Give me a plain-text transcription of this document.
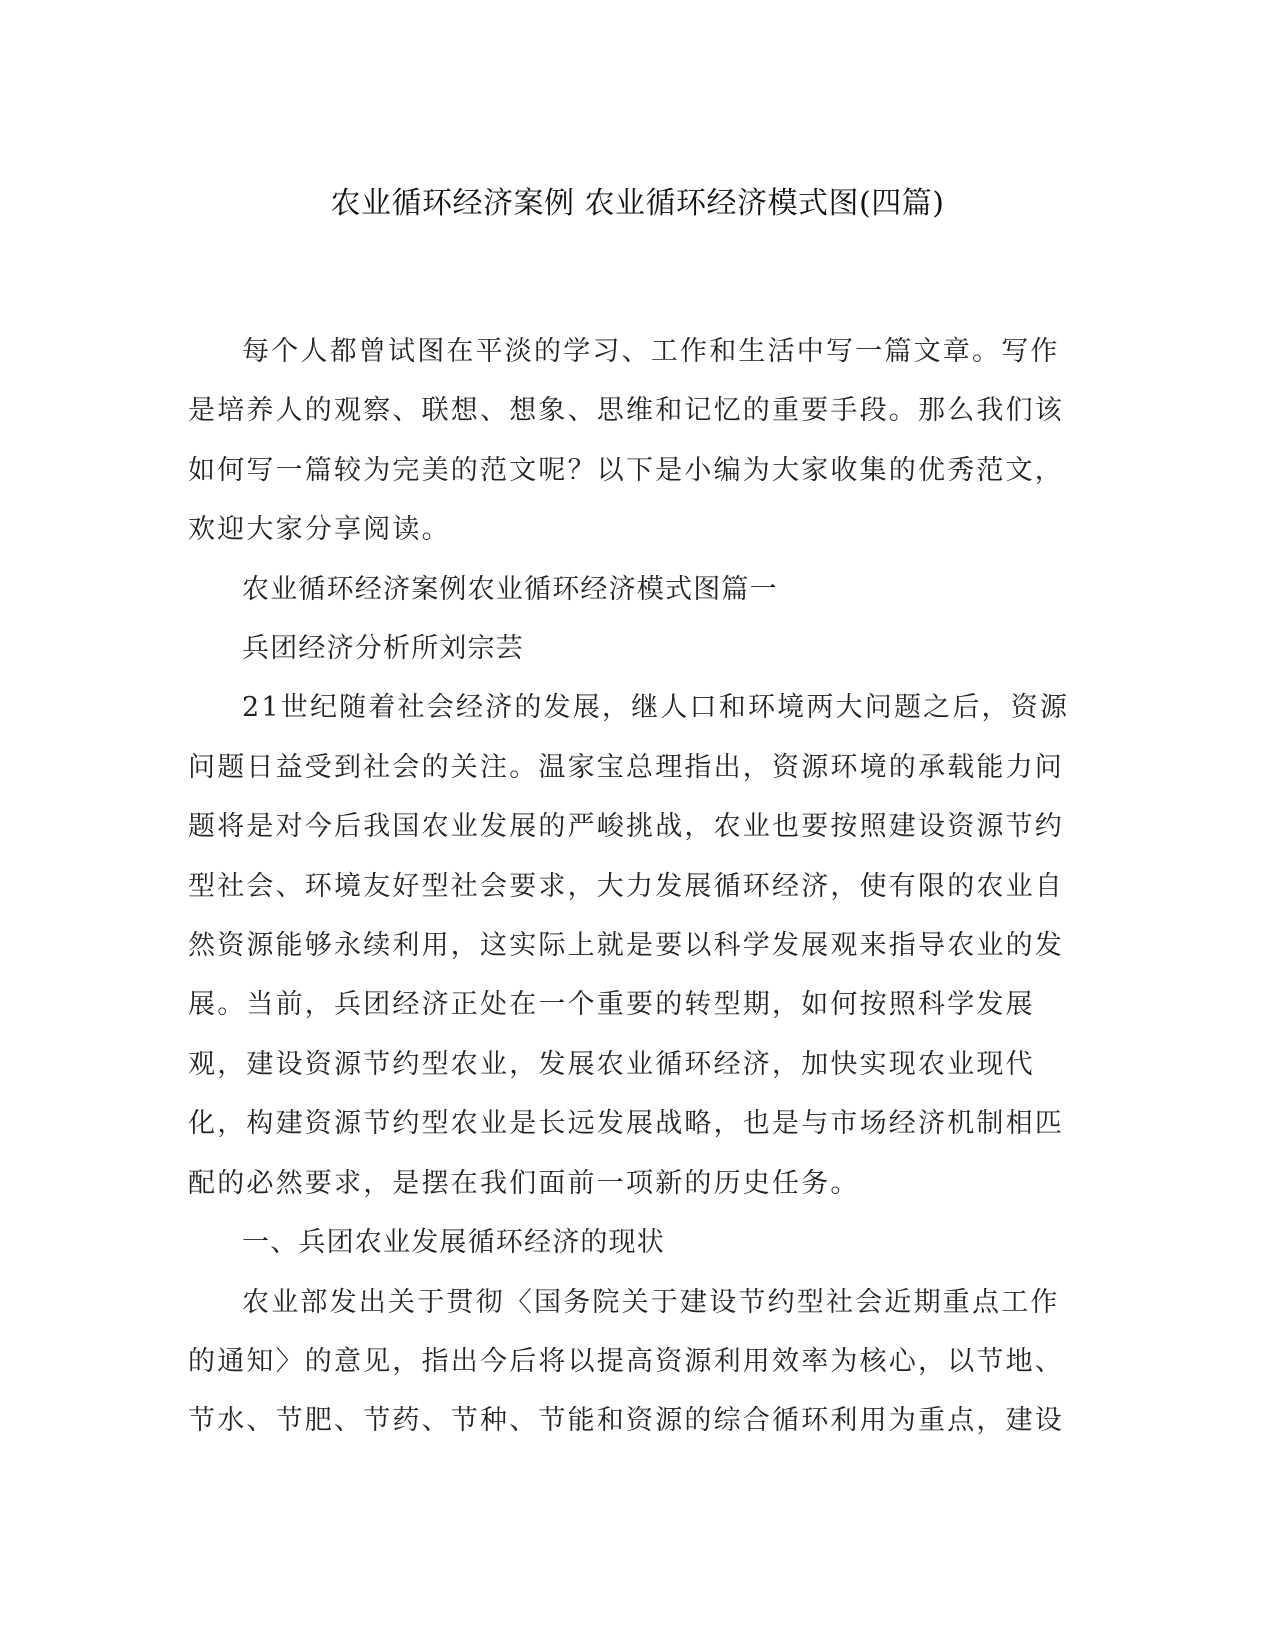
农业循环经济案例 农业循环经济模式图(四篇)

每个人都曾试图在平淡的学习、工作和生活中写一篇文章。写作是培养人的观察、联想、想象、思维和记忆的重要手段。那么我们该如何写一篇较为完美的范文呢？以下是小编为大家收集的优秀范文，欢迎大家分享阅读。

农业循环经济案例农业循环经济模式图篇一

兵团经济分析所刘宗芸

21世纪随着社会经济的发展，继人口和环境两大问题之后，资源问题日益受到社会的关注。温家宝总理指出，资源环境的承载能力问题将是对今后我国农业发展的严峻挑战，农业也要按照建设资源节约型社会、环境友好型社会要求，大力发展循环经济，使有限的农业自然资源能够永续利用，这实际上就是要以科学发展观来指导农业的发展。当前，兵团经济正处在一个重要的转型期，如何按照科学发展观，建设资源节约型农业，发展农业循环经济，加快实现农业现代化，构建资源节约型农业是长远发展战略，也是与市场经济机制相匹配的必然要求，是摆在我们面前一项新的历史任务。

一、兵团农业发展循环经济的现状

农业部发出关于贯彻〈国务院关于建设节约型社会近期重点工作的通知〉的意见，指出今后将以提高资源利用效率为核心，以节地、节水、节肥、节药、节种、节能和资源的综合循环利用为重点，建设
